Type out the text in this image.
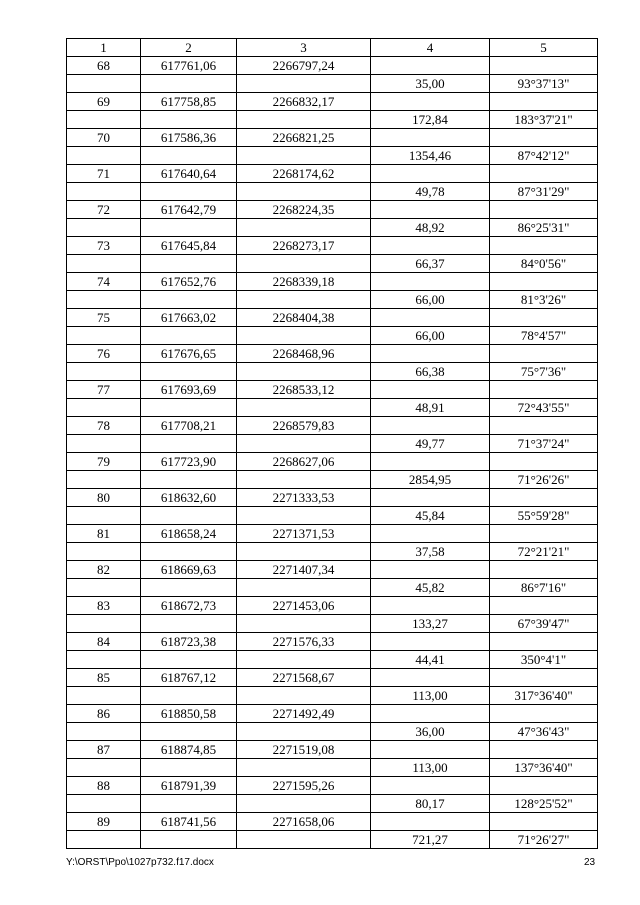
1	2	3	4	5
68	617761,06	2266797,24		
			35,00	93°37'13"
69	617758,85	2266832,17		
			172,84	183°37'21"
70	617586,36	2266821,25		
			1354,46	87°42'12"
71	617640,64	2268174,62		
			49,78	87°31'29"
72	617642,79	2268224,35		
			48,92	86°25'31"
73	617645,84	2268273,17		
			66,37	84°0'56"
74	617652,76	2268339,18		
			66,00	81°3'26"
75	617663,02	2268404,38		
			66,00	78°4'57"
76	617676,65	2268468,96		
			66,38	75°7'36"
77	617693,69	2268533,12		
			48,91	72°43'55"
78	617708,21	2268579,83		
			49,77	71°37'24"
79	617723,90	2268627,06		
			2854,95	71°26'26"
80	618632,60	2271333,53		
			45,84	55°59'28"
81	618658,24	2271371,53		
			37,58	72°21'21"
82	618669,63	2271407,34		
			45,82	86°7'16"
83	618672,73	2271453,06		
			133,27	67°39'47"
84	618723,38	2271576,33		
			44,41	350°4'1"
85	618767,12	2271568,67		
			113,00	317°36'40"
86	618850,58	2271492,49		
			36,00	47°36'43"
87	618874,85	2271519,08		
			113,00	137°36'40"
88	618791,39	2271595,26		
			80,17	128°25'52"
89	618741,56	2271658,06		
			721,27	71°26'27"
Y:\ORST\Ppo\1027p732.f17.docx	23
